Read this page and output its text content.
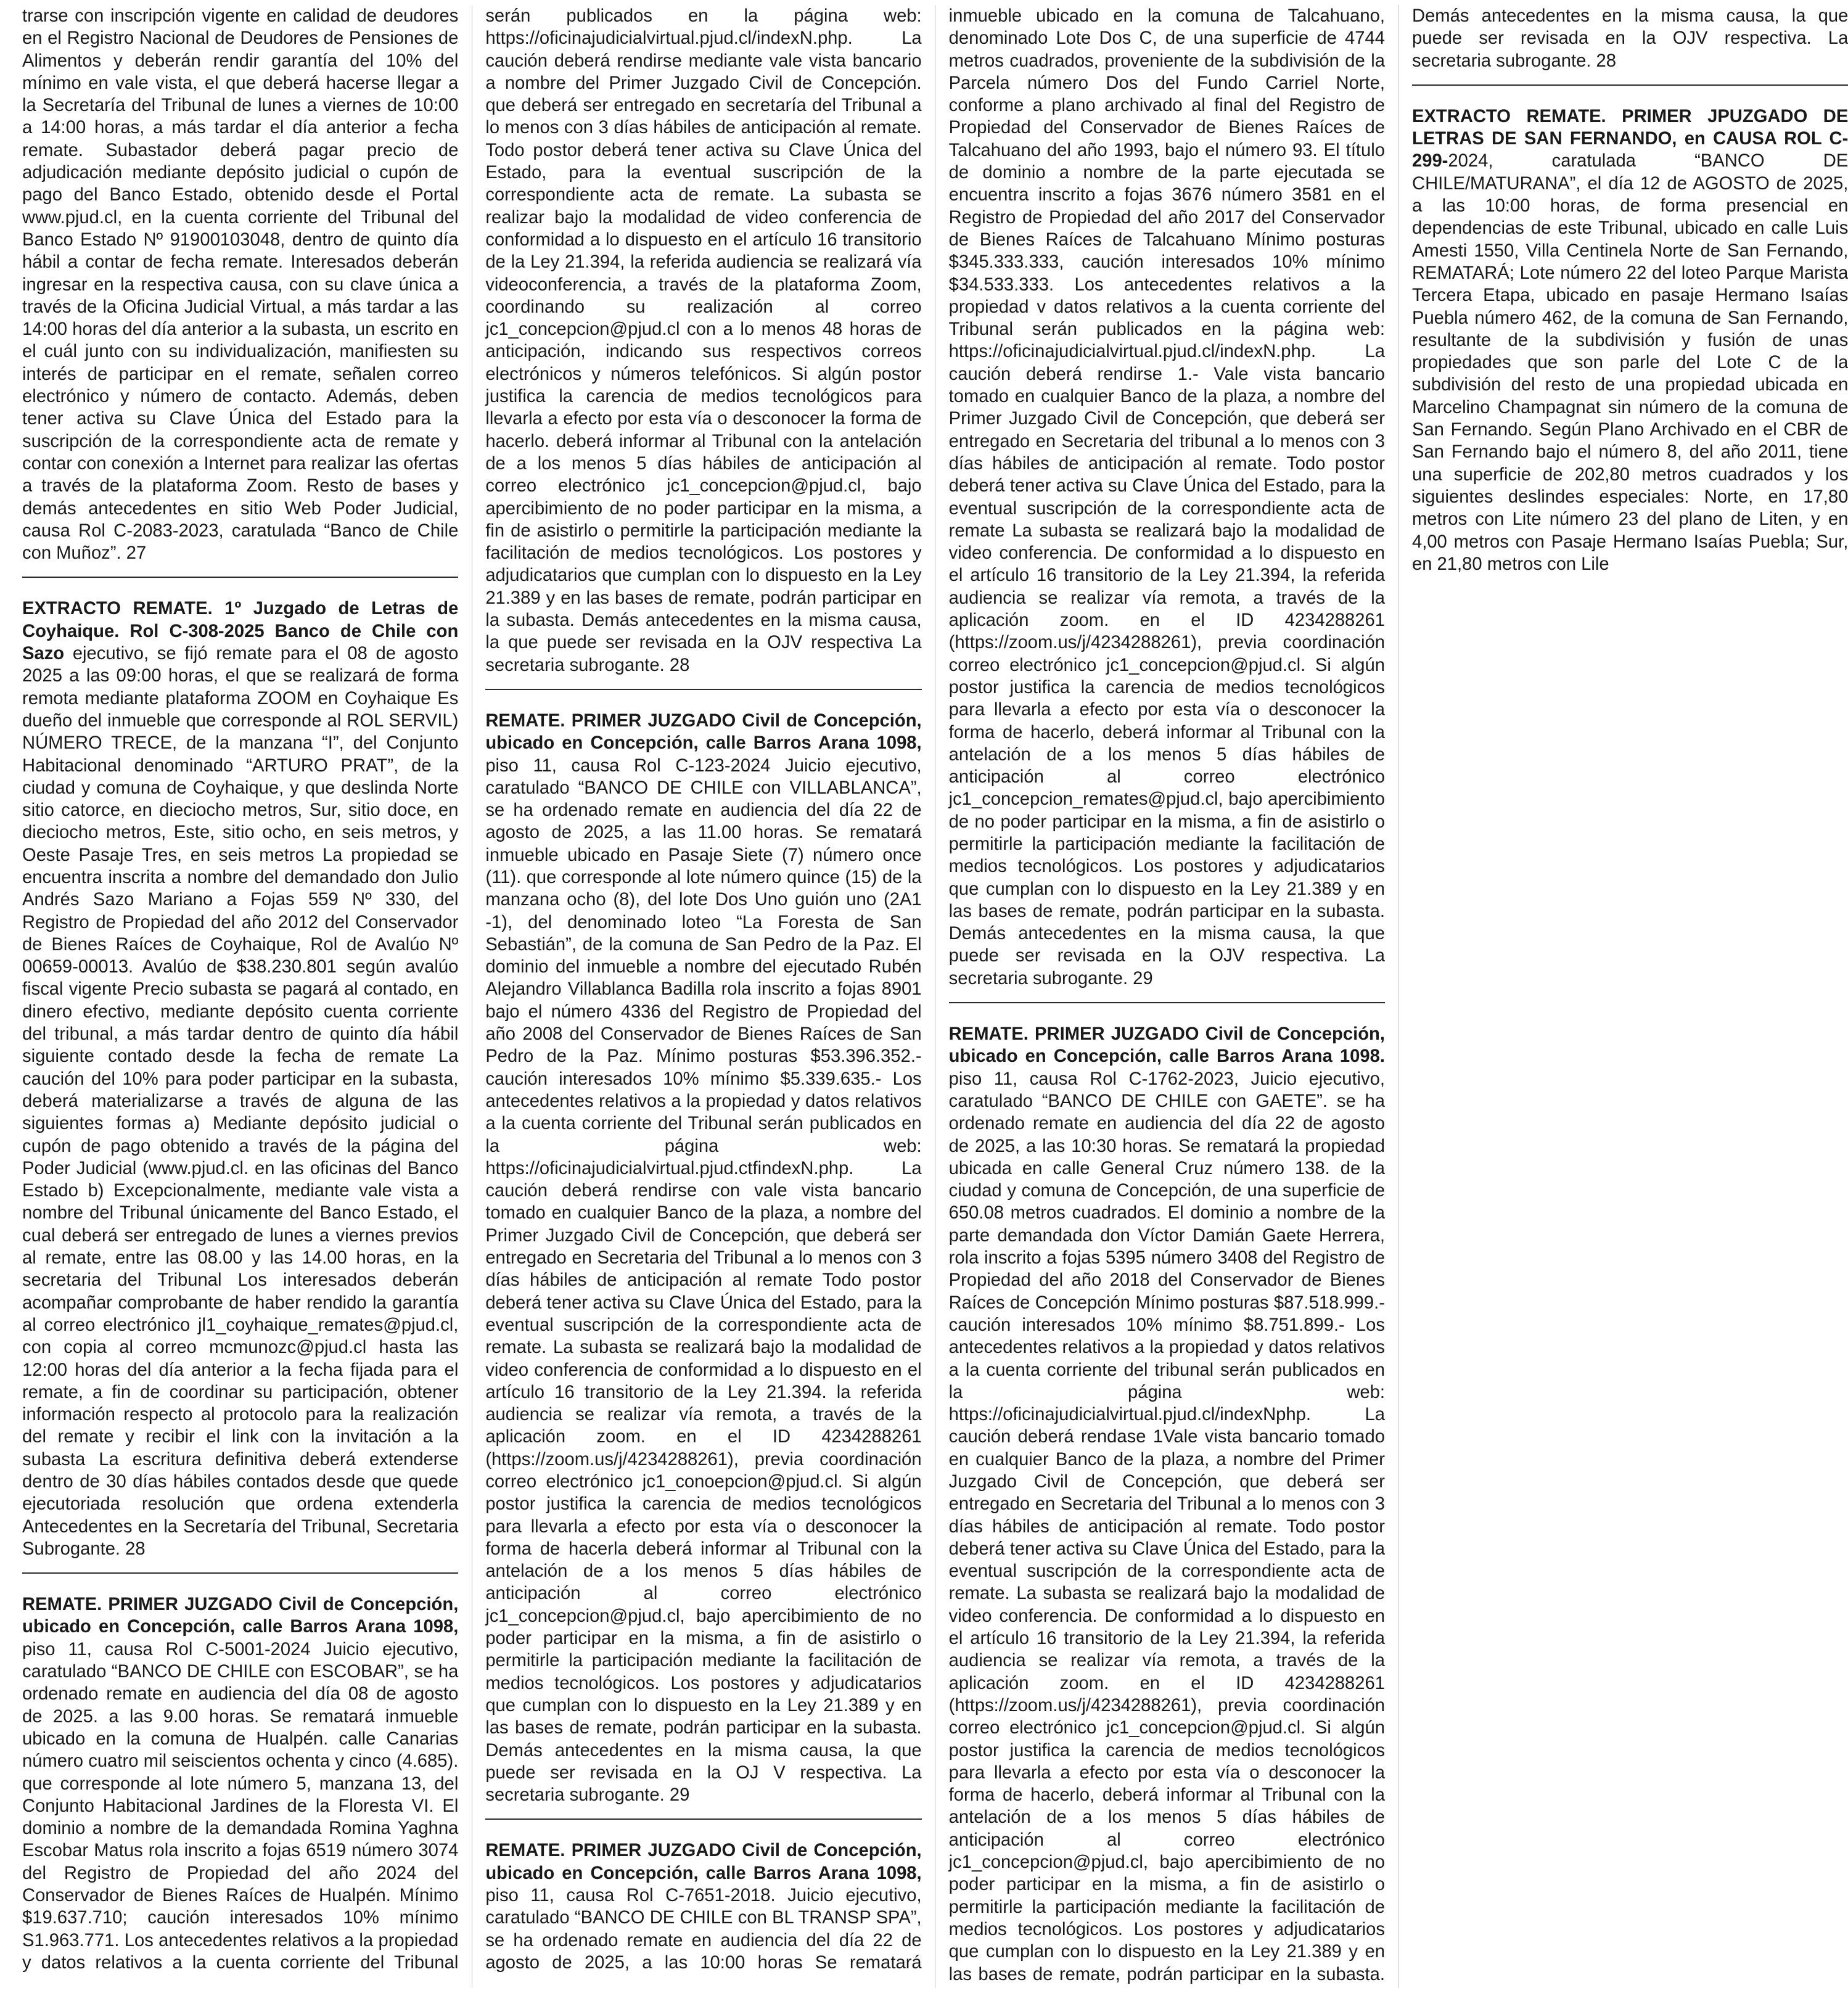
trarse con inscripción vigente en calidad de deudores en el Registro Nacional de Deudores de Pensiones de Alimentos y deberán rendir garantía del 10% del mínimo en vale vista, el que deberá hacerse llegar a la Secretaría del Tribunal de lunes a viernes de 10:00 a 14:00 horas, a más tardar el día anterior a fecha remate. Subastador deberá pagar precio de adjudicación mediante depósito judicial o cupón de pago del Banco Estado, obtenido desde el Portal www.pjud.cl, en la cuenta corriente del Tribunal del Banco Estado Nº 91900103048, dentro de quinto día hábil a contar de fecha remate. Interesados deberán ingresar en la respectiva causa, con su clave única a través de la Oficina Judicial Virtual, a más tardar a las 14:00 horas del día anterior a la subasta, un escrito en el cuál junto con su individualización, manifiesten su interés de participar en el remate, señalen correo electrónico y número de contacto. Además, deben tener activa su Clave Única del Estado para la suscripción de la correspondiente acta de remate y contar con conexión a Internet para realizar las ofertas a través de la plataforma Zoom. Resto de bases y demás antecedentes en sitio Web Poder Judicial, causa Rol C-2083-2023, caratulada “Banco de Chile con Muñoz”. 27
EXTRACTO REMATE. 1º Juzgado de Letras de Coyhaique. Rol C-308-2025 Banco de Chile con Sazo ejecutivo, se fijó remate para el 08 de agosto 2025 a las 09:00 horas, el que se realizará de forma remota mediante plataforma ZOOM en Coyhaique Es dueño del inmueble que corresponde al ROL SERVIL) NÚMERO TRECE, de la manzana “I”, del Conjunto Habitacional denominado “ARTURO PRAT”, de la ciudad y comuna de Coyhaique, y que deslinda Norte sitio catorce, en dieciocho metros, Sur, sitio doce, en dieciocho metros, Este, sitio ocho, en seis metros, y Oeste Pasaje Tres, en seis metros La propiedad se encuentra inscrita a nombre del demandado don Julio Andrés Sazo Mariano a Fojas 559 Nº 330, del Registro de Propiedad del año 2012 del Conservador de Bienes Raíces de Coyhaique, Rol de Avalúo Nº 00659-00013. Avalúo de $38.230.801 según avalúo fiscal vigente Precio subasta se pagará al contado, en dinero efectivo, mediante depósito cuenta corriente del tribunal, a más tardar dentro de quinto día hábil siguiente contado desde la fecha de remate La caución del 10% para poder participar en la subasta, deberá materializarse a través de alguna de las siguientes formas a) Mediante depósito judicial o cupón de pago obtenido a través de la página del Poder Judicial (www.pjud.cl. en las oficinas del Banco Estado b) Excepcionalmente, mediante vale vista a nombre del Tribunal únicamente del Banco Estado, el cual deberá ser entregado de lunes a viernes previos al remate, entre las 08.00 y las 14.00 horas, en la secretaria del Tribunal Los interesados deberán acompañar comprobante de haber rendido la garantía al correo electrónico jl1_coyhaique_remates@pjud.cl, con copia al correo mcmunozc@pjud.cl hasta las 12:00 horas del día anterior a la fecha fijada para el remate, a fin de coordinar su participación, obtener información respecto al protocolo para la realización del remate y recibir el link con la invitación a la subasta La escritura definitiva deberá extenderse dentro de 30 días hábiles contados desde que quede ejecutoriada resolución que ordena extenderla Antecedentes en la Secretaría del Tribunal, Secretaria Subrogante. 28
REMATE. PRIMER JUZGADO Civil de Concepción, ubicado en Concepción, calle Barros Arana 1098, piso 11, causa Rol C-5001-2024 Juicio ejecutivo, caratulado “BANCO DE CHILE con ESCOBAR”, se ha ordenado remate en audiencia del día 08 de agosto de 2025. a las 9.00 horas. Se rematará inmueble ubicado en la comuna de Hualpén. calle Canarias número cuatro mil seiscientos ochenta y cinco (4.685). que corresponde al lote número 5, manzana 13, del Conjunto Habitacional Jardines de la Floresta VI. El dominio a nombre de la demandada Romina Yaghna Escobar Matus rola inscrito a fojas 6519 número 3074 del Registro de Propiedad del año 2024 del Conservador de Bienes Raíces de Hualpén. Mínimo $19.637.710; caución interesados 10% mínimo S1.963.771. Los antecedentes relativos a la propiedad y datos relativos a la cuenta corriente del Tribunal serán publicados en la página web: https://oficinajudicialvirtual.pjud.cl/indexN.php. La caución deberá rendirse mediante vale vista bancario a nombre del Primer Juzgado Civil de Concepción. que deberá ser entregado en secretaría del Tribunal a lo menos con 3 días hábiles de anticipación al remate. Todo postor deberá tener activa su Clave Única del Estado, para la eventual suscripción de la correspondiente acta de remate. La subasta se realizar bajo la modalidad de video conferencia de conformidad a lo dispuesto en el artículo 16 transitorio de la Ley 21.394, la referida audiencia se realizará vía videoconferencia, a través de la plataforma Zoom, coordinando su realización al correo jc1_concepcion@pjud.cl con a lo menos 48 horas de anticipación, indicando sus respectivos correos electrónicos y números telefónicos. Si algún postor justifica la carencia de medios tecnológicos para llevarla a efecto por esta vía o desconocer la forma de hacerlo. deberá informar al Tribunal con la antelación de a los menos 5 días hábiles de anticipación al correo electrónico jc1_concepcion@pjud.cl, bajo apercibimiento de no poder participar en la misma, a fin de asistirlo o permitirle la participación mediante la facilitación de medios tecnológicos. Los postores y adjudicatarios que cumplan con lo dispuesto en la Ley 21.389 y en las bases de remate, podrán participar en la subasta. Demás antecedentes en la misma causa, la que puede ser revisada en la OJV respectiva La secretaria subrogante. 28
REMATE. PRIMER JUZGADO Civil de Concepción, ubicado en Concepción, calle Barros Arana 1098, piso 11, causa Rol C-123-2024 Juicio ejecutivo, caratulado “BANCO DE CHILE con VILLABLANCA”, se ha ordenado remate en audiencia del día 22 de agosto de 2025, a las 11.00 horas. Se rematará inmueble ubicado en Pasaje Siete (7) número once (11). que corresponde al lote número quince (15) de la manzana ocho (8), del lote Dos Uno guión uno (2A1 -1), del denominado loteo “La Foresta de San Sebastián”, de la comuna de San Pedro de la Paz. El dominio del inmueble a nombre del ejecutado Rubén Alejandro Villablanca Badilla rola inscrito a fojas 8901 bajo el número 4336 del Registro de Propiedad del año 2008 del Conservador de Bienes Raíces de San Pedro de la Paz. Mínimo posturas $53.396.352.- caución interesados 10% mínimo $5.339.635.- Los antecedentes relativos a la propiedad y datos relativos a la cuenta corriente del Tribunal serán publicados en la página web: https://oficinajudicialvirtual.pjud.ctfindexN.php. La caución deberá rendirse con vale vista bancario tomado en cualquier Banco de la plaza, a nombre del Primer Juzgado Civil de Concepción, que deberá ser entregado en Secretaria del Tribunal a lo menos con 3 días hábiles de anticipación al remate Todo postor deberá tener activa su Clave Única del Estado, para la eventual suscripción de la correspondiente acta de remate. La subasta se realizará bajo la modalidad de video conferencia de conformidad a lo dispuesto en el artículo 16 transitorio de la Ley 21.394. la referida audiencia se realizar vía remota, a través de la aplicación zoom. en el ID 4234288261 (https://zoom.us/j/4234288261), previa coordinación correo electrónico jc1_conoepcion@pjud.cl. Si algún postor justifica la carencia de medios tecnológicos para llevarla a efecto por esta vía o desconocer la forma de hacerla deberá informar al Tribunal con la antelación de a los menos 5 días hábiles de anticipación al correo electrónico jc1_concepcion@pjud.cl, bajo apercibimiento de no poder participar en la misma, a fin de asistirlo o permitirle la participación mediante la facilitación de medios tecnológicos. Los postores y adjudicatarios que cumplan con lo dispuesto en la Ley 21.389 y en las bases de remate, podrán participar en la subasta. Demás antecedentes en la misma causa, la que puede ser revisada en la OJ V respectiva. La secretaria subrogante. 29
REMATE. PRIMER JUZGADO Civil de Concepción, ubicado en Concepción, calle Barros Arana 1098, piso 11, causa Rol C-7651-2018. Juicio ejecutivo, caratulado “BANCO DE CHILE con BL TRANSP SPA”, se ha ordenado remate en audiencia del día 22 de agosto de 2025, a las 10:00 horas Se rematará inmueble ubicado en la comuna de Talcahuano, denominado Lote Dos C, de una superficie de 4744 metros cuadrados, proveniente de la subdivisión de la Parcela número Dos del Fundo Carriel Norte, conforme a plano archivado al final del Registro de Propiedad del Conservador de Bienes Raíces de Talcahuano del año 1993, bajo el número 93. El título de dominio a nombre de la parte ejecutada se encuentra inscrito a fojas 3676 número 3581 en el Registro de Propiedad del año 2017 del Conservador de Bienes Raíces de Talcahuano Mínimo posturas $345.333.333, caución interesados 10% mínimo $34.533.333. Los antecedentes relativos a la propiedad v datos relativos a la cuenta corriente del Tribunal serán publicados en la página web: https://oficinajudicialvirtual.pjud.cl/indexN.php. La caución deberá rendirse 1.- Vale vista bancario tomado en cualquier Banco de la plaza, a nombre del Primer Juzgado Civil de Concepción, que deberá ser entregado en Secretaria del tribunal a lo menos con 3 días hábiles de anticipación al remate. Todo postor deberá tener activa su Clave Única del Estado, para la eventual suscripción de la correspondiente acta de remate La subasta se realizará bajo la modalidad de video conferencia. De conformidad a lo dispuesto en el artículo 16 transitorio de la Ley 21.394, la referida audiencia se realizar vía remota, a través de la aplicación zoom. en el ID 4234288261 (https://zoom.us/j/4234288261), previa coordinación correo electrónico jc1_concepcion@pjud.cl. Si algún postor justifica la carencia de medios tecnológicos para llevarla a efecto por esta vía o desconocer la forma de hacerlo, deberá informar al Tribunal con la antelación de a los menos 5 días hábiles de anticipación al correo electrónico jc1_concepcion_remates@pjud.cl, bajo apercibimiento de no poder participar en la misma, a fin de asistirlo o permitirle la participación mediante la facilitación de medios tecnológicos. Los postores y adjudicatarios que cumplan con lo dispuesto en la Ley 21.389 y en las bases de remate, podrán participar en la subasta. Demás antecedentes en la misma causa, la que puede ser revisada en la OJV respectiva. La secretaria subrogante. 29
REMATE. PRIMER JUZGADO Civil de Concepción, ubicado en Concepción, calle Barros Arana 1098. piso 11, causa Rol C-1762-2023, Juicio ejecutivo, caratulado “BANCO DE CHILE con GAETE”. se ha ordenado remate en audiencia del día 22 de agosto de 2025, a las 10:30 horas. Se rematará la propiedad ubicada en calle General Cruz número 138. de la ciudad y comuna de Concepción, de una superficie de 650.08 metros cuadrados. El dominio a nombre de la parte demandada don Víctor Damián Gaete Herrera, rola inscrito a fojas 5395 número 3408 del Registro de Propiedad del año 2018 del Conservador de Bienes Raíces de Concepción Mínimo posturas $87.518.999.- caución interesados 10% mínimo $8.751.899.- Los antecedentes relativos a la propiedad y datos relativos a la cuenta corriente del tribunal serán publicados en la página web: https://oficinajudicialvirtual.pjud.cl/indexNphp. La caución deberá rendase 1Vale vista bancario tomado en cualquier Banco de la plaza, a nombre del Primer Juzgado Civil de Concepción, que deberá ser entregado en Secretaria del Tribunal a lo menos con 3 días hábiles de anticipación al remate. Todo postor deberá tener activa su Clave Única del Estado, para la eventual suscripción de la correspondiente acta de remate. La subasta se realizará bajo la modalidad de video conferencia. De conformidad a lo dispuesto en el artículo 16 transitorio de la Ley 21.394, la referida audiencia se realizar vía remota, a través de la aplicación zoom. en el ID 4234288261 (https://zoom.us/j/4234288261), previa coordinación correo electrónico jc1_concepcion@pjud.cl. Si algún postor justifica la carencia de medios tecnológicos para llevarla a efecto por esta vía o desconocer la forma de hacerlo, deberá informar al Tribunal con la antelación de a los menos 5 días hábiles de anticipación al correo electrónico jc1_concepcion@pjud.cl, bajo apercibimiento de no poder participar en la misma, a fin de asistirlo o permitirle la participación mediante la facilitación de medios tecnológicos. Los postores y adjudicatarios que cumplan con lo dispuesto en la Ley 21.389 y en las bases de remate, podrán participar en la subasta. Demás antecedentes en la misma causa, la que puede ser revisada en la OJV respectiva. La secretaria subrogante. 28
EXTRACTO REMATE. PRIMER JPUZGADO DE LETRAS DE SAN FERNANDO, en CAUSA ROL C-299-2024, caratulada “BANCO DE CHILE/MATURANA”, el día 12 de AGOSTO de 2025, a las 10:00 horas, de forma presencial en dependencias de este Tribunal, ubicado en calle Luis Amesti 1550, Villa Centinela Norte de San Fernando, REMATARÁ; Lote número 22 del loteo Parque Marista Tercera Etapa, ubicado en pasaje Hermano Isaías Puebla número 462, de la comuna de San Fernando, resultante de la subdivisión y fusión de unas propiedades que son parle del Lote C de la subdivisión del resto de una propiedad ubicada en Marcelino Champagnat sin número de la comuna de San Fernando. Según Plano Archivado en el CBR de San Fernando bajo el número 8, del año 2011, tiene una superficie de 202,80 metros cuadrados y los siguientes deslindes especiales: Norte, en 17,80 metros con Lite número 23 del plano de Liten, y en 4,00 metros con Pasaje Hermano Isaías Puebla; Sur, en 21,80 metros con Lile
